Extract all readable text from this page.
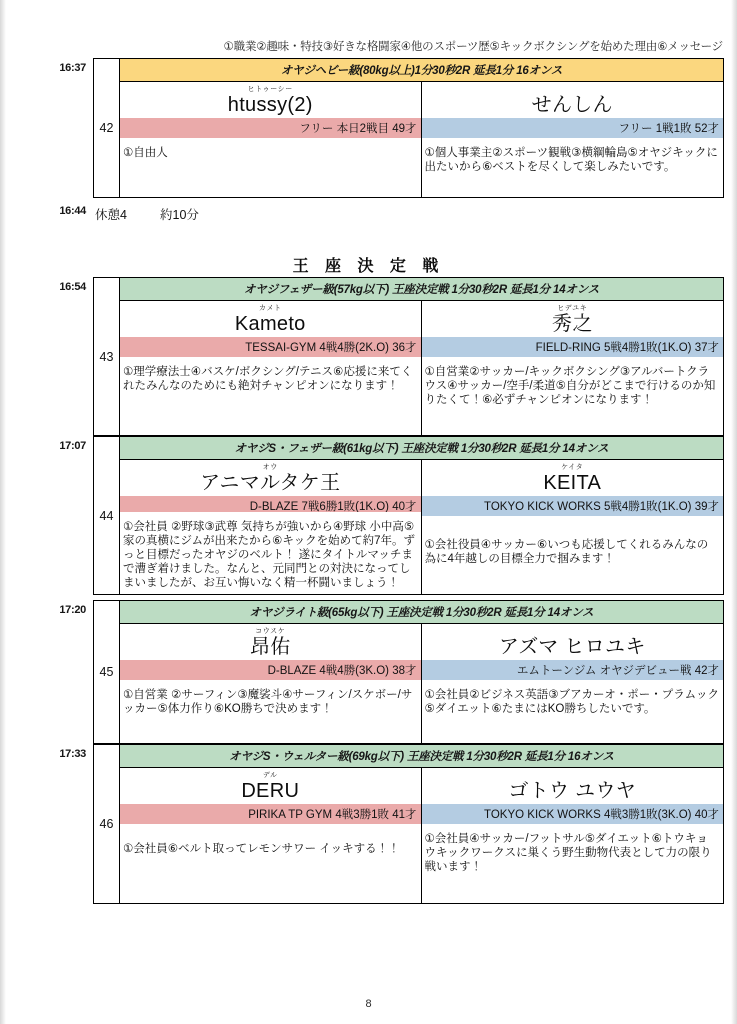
①職業②趣味・特技③好きな格闘家④他のスポーツ歴⑤キックボクシングを始めた理由⑥メッセージ
16:37
42
オヤジヘビー級(80kg以上)1分30秒2R 延長1分 16オンス
ヒトゥーシー
htussy(2)
フリー 本日2戦目 49才
①自由人
せんしん
フリー 1戦1敗 52才
①個人事業主②スポーツ観戦③横綱輪島⑤オヤジキックに出たいから⑥ベストを尽くして楽しみたいです。
16:44 休憩4	約10分
王 座 決 定 戦
16:54
43
オヤジフェザー級(57kg以下) 王座決定戦 1分30秒2R 延長1分 14オンス
カメト
Kameto
TESSAI-GYM 4戦4勝(2K.O) 36才
①理学療法士④バスケ/ボクシング/テニス⑥応援に来てくれたみんなのためにも絶対チャンピオンになります！
ヒデユキ
秀之
FIELD-RING 5戦4勝1敗(1K.O) 37才
①自営業②サッカー/キックボクシング③アルバートクラウス④サッカー/空手/柔道⑤自分がどこまで行けるのか知りたくて！⑥必ずチャンピオンになります！
17:07
44
オヤジS・フェザー級(61kg以下) 王座決定戦 1分30秒2R 延長1分 14オンス
オウ
アニマルタケ王
D-BLAZE 7戦6勝1敗(1K.O) 40才
①会社員 ②野球③武尊 気持ちが強いから④野球 小中高⑤家の真横にジムが出来たから⑥キックを始めて約7年。ずっと目標だったオヤジのベルト！ 遂にタイトルマッチまで漕ぎ着けました。なんと、元同門との対決になってしまいましたが、お互い悔いなく精一杯闘いましょう！
ケイタ
KEITA
TOKYO KICK WORKS 5戦4勝1敗(1K.O) 39才
①会社役員④サッカー⑥いつも応援してくれるみんなの為に4年越しの目標全力で掴みます！
17:20
45
オヤジライト級(65kg以下) 王座決定戦 1分30秒2R 延長1分 14オンス
コウスケ
昂佑
D-BLAZE 4戦4勝(3K.O) 38才
①自営業 ②サーフィン③魔裟斗④サーフィン/スケボー/サッカー⑤体力作り⑥KO勝ちで決めます！
アズマ ヒロユキ
エムトーンジム オヤジデビュー戦 42才
①会社員②ビジネス英語③ブアカーオ・ポー・プラムック⑤ダイエット⑥たまにはKO勝ちしたいです。
17:33
46
オヤジS・ウェルター級(69kg以下) 王座決定戦 1分30秒2R 延長1分 16オンス
デル
DERU
PIRIKA TP GYM 4戦3勝1敗 41才
①会社員⑥ベルト取ってレモンサワー イッキする！！
ゴトウ ユウヤ
TOKYO KICK WORKS 4戦3勝1敗(3K.O) 40才
①会社員④サッカー/フットサル⑤ダイエット⑥トウキョウキックワークスに巣くう野生動物代表として力の限り戦います！
8
